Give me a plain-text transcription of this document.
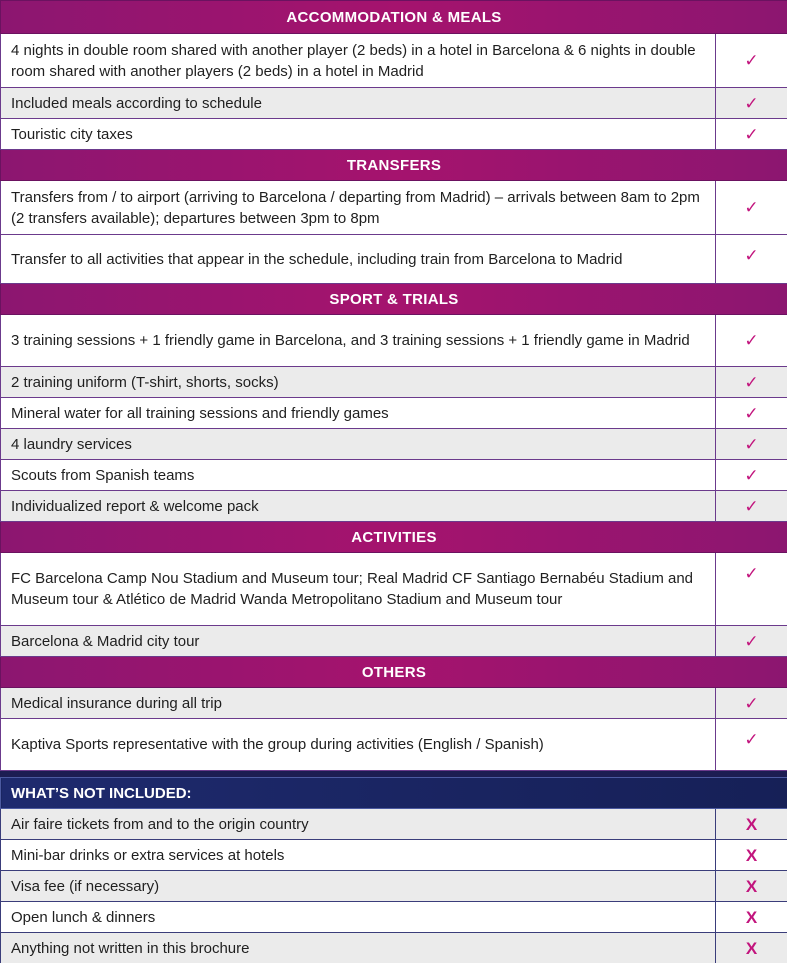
ACCOMMODATION & MEALS	
4 nights in double room shared with another player (2 beds) in a hotel in Barcelona & 6 nights in double room shared with another players (2 beds) in a hotel in Madrid	✓
Included meals according to schedule	✓
Touristic city taxes	✓
TRANSFERS	
Transfers from / to airport (arriving to Barcelona / departing from Madrid) – arrivals between 8am to 2pm (2 transfers available); departures between 3pm to 8pm	✓
Transfer to all activities that appear in the schedule, including train from Barcelona to Madrid	✓
SPORT & TRIALS	
3 training sessions + 1 friendly game in Barcelona, and 3 training sessions + 1 friendly game in Madrid	✓
2 training uniform (T-shirt, shorts, socks)	✓
Mineral water for all training sessions and friendly games	✓
4 laundry services	✓
Scouts from Spanish teams	✓
Individualized report & welcome pack	✓
ACTIVITIES	
FC Barcelona Camp Nou Stadium and Museum tour; Real Madrid CF Santiago Bernabéu Stadium and Museum tour & Atlético de Madrid Wanda Metropolitano Stadium and Museum tour	✓
Barcelona & Madrid city tour	✓
OTHERS	
Medical insurance during all trip	✓
Kaptiva Sports representative with the group during activities (English / Spanish)	✓
WHAT’S NOT INCLUDED:	
Air faire tickets from and to the origin country	X
Mini-bar drinks or extra services at hotels	X
Visa fee (if necessary)	X
Open lunch & dinners	X
Anything not written in this brochure	X
